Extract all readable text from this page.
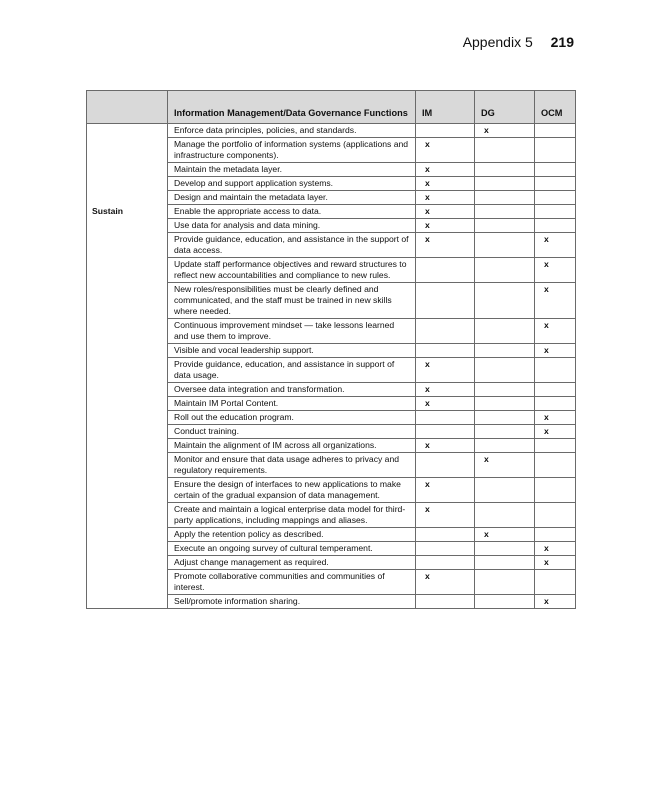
Appendix 5 219
	Information Management/Data Governance Functions	IM	DG	OCM
	Enforce data principles, policies, and standards.		x	
	Manage the portfolio of information systems (applications and infrastructure components).	x		
	Maintain the metadata layer.	x		
	Develop and support application systems.	x		
	Design and maintain the metadata layer.	x		
Sustain	Enable the appropriate access to data.	x		
	Use data for analysis and data mining.	x		
	Provide guidance, education, and assistance in the support of data access.	x		x
	Update staff performance objectives and reward structures to reflect new accountabilities and compliance to new rules.			x
	New roles/responsibilities must be clearly defined and communicated, and the staff must be trained in new skills where needed.			x
	Continuous improvement mindset — take lessons learned and use them to improve.			x
	Visible and vocal leadership support.			x
	Provide guidance, education, and assistance in support of data usage.	x		
	Oversee data integration and transformation.	x		
	Maintain IM Portal Content.	x		
	Roll out the education program.			x
	Conduct training.			x
	Maintain the alignment of IM across all organizations.	x		
	Monitor and ensure that data usage adheres to privacy and regulatory requirements.		x	
	Ensure the design of interfaces to new applications to make certain of the gradual expansion of data management.	x		
	Create and maintain a logical enterprise data model for third-party applications, including mappings and aliases.	x		
	Apply the retention policy as described.		x	
	Execute an ongoing survey of cultural temperament.			x
	Adjust change management as required.			x
	Promote collaborative communities and communities of interest.	x		
	Sell/promote information sharing.			x
